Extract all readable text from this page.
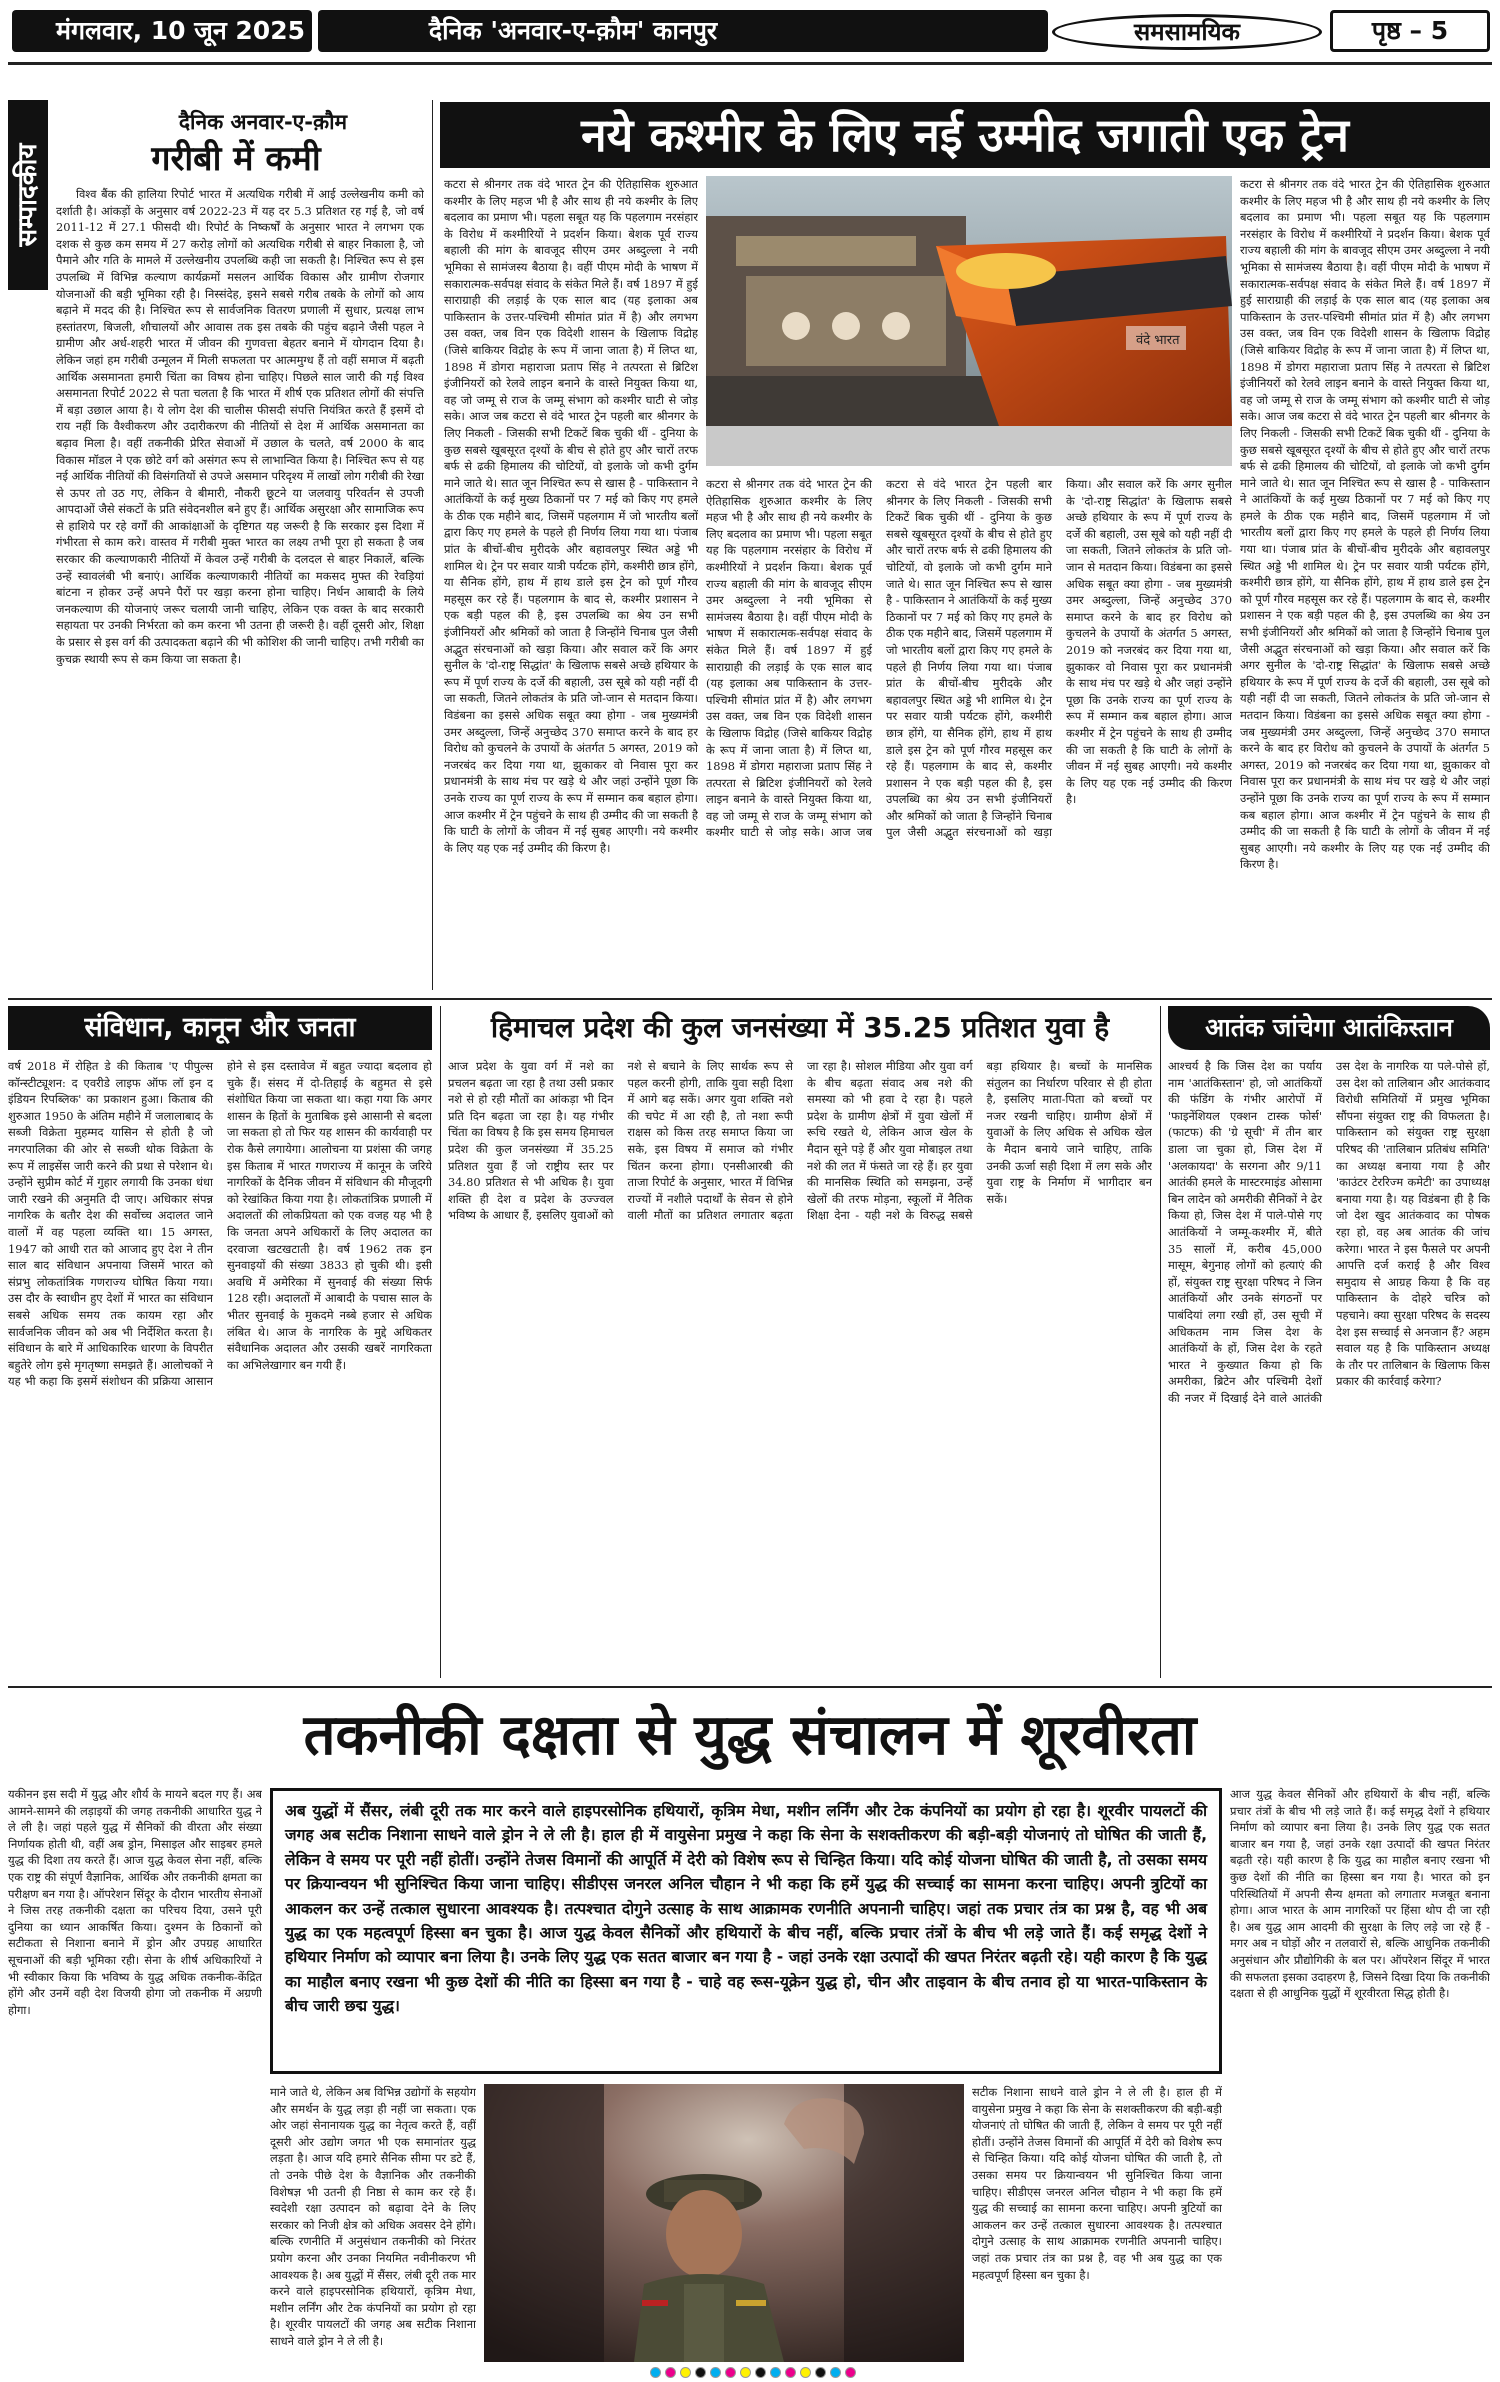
मंगलवार, 10 जून 2025	दैनिक 'अनवार-ए-क़ौम' कानपुर	समसामयिक	पृष्ठ – 5
सम्पादकीय
दैनिक अनवार-ए-क़ौम
गरीबी में कमी
विश्व बैंक की हालिया रिपोर्ट भारत में अत्यधिक गरीबी में आई उल्लेखनीय कमी को दर्शाती है। आंकड़ों के अनुसार वर्ष 2022-23 में यह दर 5.3 प्रतिशत रह गई है, जो वर्ष 2011-12 में 27.1 फीसदी थी। रिपोर्ट के निष्कर्षों के अनुसार भारत ने लगभग एक दशक से कुछ कम समय में 27 करोड़ लोगों को अत्यधिक गरीबी से बाहर निकाला है, जो पैमाने और गति के मामले में उल्लेखनीय उपलब्धि कही जा सकती है। निश्चित रूप से इस उपलब्धि में विभिन्न कल्याण कार्यक्रमों मसलन आर्थिक विकास और ग्रामीण रोजगार योजनाओं की बड़ी भूमिका रही है। निस्संदेह, इसने सबसे गरीब तबके के लोगों को आय बढ़ाने में मदद की है। निश्चित रूप से सार्वजनिक वितरण प्रणाली में सुधार, प्रत्यक्ष लाभ हस्तांतरण, बिजली, शौचालयों और आवास तक इस तबके की पहुंच बढ़ाने जैसी पहल ने ग्रामीण और अर्ध-शहरी भारत में जीवन की गुणवत्ता बेहतर बनाने में योगदान दिया है। लेकिन जहां हम गरीबी उन्मूलन में मिली सफलता पर आत्ममुग्ध हैं तो वहीं समाज में बढ़ती आर्थिक असमानता हमारी चिंता का विषय होना चाहिए। पिछले साल जारी की गई विश्व असमानता रिपोर्ट 2022 से पता चलता है कि भारत में शीर्ष एक प्रतिशत लोगों की संपत्ति में बड़ा उछाल आया है। ये लोग देश की चालीस फीसदी संपत्ति नियंत्रित करते हैं इसमें दो राय नहीं कि वैश्वीकरण और उदारीकरण की नीतियों से देश में आर्थिक असमानता का बढ़ाव मिला है। वहीं तकनीकी प्रेरित सेवाओं में उछाल के चलते, वर्ष 2000 के बाद विकास मॉडल ने एक छोटे वर्ग को असंगत रूप से लाभान्वित किया है। निश्चित रूप से यह नई आर्थिक नीतियों की विसंगतियों से उपजे असमान परिदृश्य में लाखों लोग गरीबी की रेखा से ऊपर तो उठ गए, लेकिन वे बीमारी, नौकरी छूटने या जलवायु परिवर्तन से उपजी आपदाओं जैसे संकटों के प्रति संवेदनशील बने हुए हैं। आर्थिक असुरक्षा और सामाजिक रूप से हाशिये पर रहे वर्गों की आकांक्षाओं के दृष्टिगत यह जरूरी है कि सरकार इस दिशा में गंभीरता से काम करे। वास्तव में गरीबी मुक्त भारत का लक्ष्य तभी पूरा हो सकता है जब सरकार की कल्याणकारी नीतियों में केवल उन्हें गरीबी के दलदल से बाहर निकालें, बल्कि उन्हें स्वावलंबी भी बनाएं। आर्थिक कल्याणकारी नीतियों का मकसद मुफ्त की रेवड़ियां बांटना न होकर उन्हें अपने पैरों पर खड़ा करना होना चाहिए। निर्धन आबादी के लिये जनकल्याण की योजनाएं जरूर चलायी जानी चाहिए, लेकिन एक वक्त के बाद सरकारी सहायता पर उनकी निर्भरता को कम करना भी उतना ही जरूरी है। वहीं दूसरी ओर, शिक्षा के प्रसार से इस वर्ग की उत्पादकता बढ़ाने की भी कोशिश की जानी चाहिए। तभी गरीबी का कुचक्र स्थायी रूप से कम किया जा सकता है।
नये कश्मीर के लिए नई उम्मीद जगाती एक ट्रेन
कटरा से श्रीनगर तक वंदे भारत ट्रेन की ऐतिहासिक शुरुआत कश्मीर के लिए महज भी है और साथ ही नये कश्मीर के लिए बदलाव का प्रमाण भी। पहला सबूत यह कि पहलगाम नरसंहार के विरोध में कश्मीरियों ने प्रदर्शन किया। बेशक पूर्व राज्य बहाली की मांग के बावजूद सीएम उमर अब्दुल्ला ने नयी भूमिका से सामंजस्य बैठाया है। वहीं पीएम मोदी के भाषण में सकारात्मक-सर्वपक्ष संवाद के संकेत मिले हैं। वर्ष 1897 में हुई साराग्राही की लड़ाई के एक साल बाद (यह इलाका अब पाकिस्तान के उत्तर-पश्चिमी सीमांत प्रांत में है) और लगभग उस वक्त, जब विन एक विदेशी शासन के खिलाफ विद्रोह (जिसे बाकियर विद्रोह के रूप में जाना जाता है) में लिप्त था, 1898 में डोगरा महाराजा प्रताप सिंह ने तत्परता से ब्रिटिश इंजीनियरों को रेलवे लाइन बनाने के वास्ते नियुक्त किया था, वह जो जम्मू से राज के जम्मू संभाग को कश्मीर घाटी से जोड़ सके। आज जब कटरा से वंदे भारत ट्रेन पहली बार श्रीनगर के लिए निकली - जिसकी सभी टिकटें बिक चुकी थीं - दुनिया के कुछ सबसे खूबसूरत दृश्यों के बीच से होते हुए और चारों तरफ बर्फ से ढकी हिमालय की चोटियों, वो इलाके जो कभी दुर्गम माने जाते थे। सात जून निश्चित रूप से खास है - पाकिस्तान ने आतंकियों के कई मुख्य ठिकानों पर 7 मई को किए गए हमले के ठीक एक महीने बाद, जिसमें पहलगाम में जो भारतीय बलों द्वारा किए गए हमले के पहले ही निर्णय लिया गया था। पंजाब प्रांत के बीचों-बीच मुरीदके और बहावलपुर स्थित अड्डे भी शामिल थे। ट्रेन पर सवार यात्री पर्यटक होंगे, कश्मीरी छात्र होंगे, या सैनिक होंगे, हाथ में हाथ डाले इस ट्रेन को पूर्ण गौरव महसूस कर रहे हैं। पहलगाम के बाद से, कश्मीर प्रशासन ने एक बड़ी पहल की है, इस उपलब्धि का श्रेय उन सभी इंजीनियरों और श्रमिकों को जाता है जिन्होंने चिनाब पुल जैसी अद्भुत संरचनाओं को खड़ा किया। और सवाल करें कि अगर सुनील के 'दो-राष्ट्र सिद्धांत' के खिलाफ सबसे अच्छे हथियार के रूप में पूर्ण राज्य के दर्जे की बहाली, उस सूबे को यही नहीं दी जा सकती, जितने लोकतंत्र के प्रति जो-जान से मतदान किया। विडंबना का इससे अधिक सबूत क्या होगा - जब मुख्यमंत्री उमर अब्दुल्ला, जिन्हें अनुच्छेद 370 समाप्त करने के बाद हर विरोध को कुचलने के उपायों के अंतर्गत 5 अगस्त, 2019 को नजरबंद कर दिया गया था, झुकाकर वो निवास पूरा कर प्रधानमंत्री के साथ मंच पर खड़े थे और जहां उन्होंने पूछा कि उनके राज्य का पूर्ण राज्य के रूप में सम्मान कब बहाल होगा। आज कश्मीर में ट्रेन पहुंचने के साथ ही उम्मीद की जा सकती है कि घाटी के लोगों के जीवन में नई सुबह आएगी। नये कश्मीर के लिए यह एक नई उम्मीद की किरण है।
वंदे भारत
कटरा से श्रीनगर तक वंदे भारत ट्रेन की ऐतिहासिक शुरुआत कश्मीर के लिए महज भी है और साथ ही नये कश्मीर के लिए बदलाव का प्रमाण भी। पहला सबूत यह कि पहलगाम नरसंहार के विरोध में कश्मीरियों ने प्रदर्शन किया। बेशक पूर्व राज्य बहाली की मांग के बावजूद सीएम उमर अब्दुल्ला ने नयी भूमिका से सामंजस्य बैठाया है। वहीं पीएम मोदी के भाषण में सकारात्मक-सर्वपक्ष संवाद के संकेत मिले हैं। वर्ष 1897 में हुई साराग्राही की लड़ाई के एक साल बाद (यह इलाका अब पाकिस्तान के उत्तर-पश्चिमी सीमांत प्रांत में है) और लगभग उस वक्त, जब विन एक विदेशी शासन के खिलाफ विद्रोह (जिसे बाकियर विद्रोह के रूप में जाना जाता है) में लिप्त था, 1898 में डोगरा महाराजा प्रताप सिंह ने तत्परता से ब्रिटिश इंजीनियरों को रेलवे लाइन बनाने के वास्ते नियुक्त किया था, वह जो जम्मू से राज के जम्मू संभाग को कश्मीर घाटी से जोड़ सके। आज जब कटरा से वंदे भारत ट्रेन पहली बार श्रीनगर के लिए निकली - जिसकी सभी टिकटें बिक चुकी थीं - दुनिया के कुछ सबसे खूबसूरत दृश्यों के बीच से होते हुए और चारों तरफ बर्फ से ढकी हिमालय की चोटियों, वो इलाके जो कभी दुर्गम माने जाते थे। सात जून निश्चित रूप से खास है - पाकिस्तान ने आतंकियों के कई मुख्य ठिकानों पर 7 मई को किए गए हमले के ठीक एक महीने बाद, जिसमें पहलगाम में जो भारतीय बलों द्वारा किए गए हमले के पहले ही निर्णय लिया गया था। पंजाब प्रांत के बीचों-बीच मुरीदके और बहावलपुर स्थित अड्डे भी शामिल थे। ट्रेन पर सवार यात्री पर्यटक होंगे, कश्मीरी छात्र होंगे, या सैनिक होंगे, हाथ में हाथ डाले इस ट्रेन को पूर्ण गौरव महसूस कर रहे हैं। पहलगाम के बाद से, कश्मीर प्रशासन ने एक बड़ी पहल की है, इस उपलब्धि का श्रेय उन सभी इंजीनियरों और श्रमिकों को जाता है जिन्होंने चिनाब पुल जैसी अद्भुत संरचनाओं को खड़ा किया। और सवाल करें कि अगर सुनील के 'दो-राष्ट्र सिद्धांत' के खिलाफ सबसे अच्छे हथियार के रूप में पूर्ण राज्य के दर्जे की बहाली, उस सूबे को यही नहीं दी जा सकती, जितने लोकतंत्र के प्रति जो-जान से मतदान किया। विडंबना का इससे अधिक सबूत क्या होगा - जब मुख्यमंत्री उमर अब्दुल्ला, जिन्हें अनुच्छेद 370 समाप्त करने के बाद हर विरोध को कुचलने के उपायों के अंतर्गत 5 अगस्त, 2019 को नजरबंद कर दिया गया था, झुकाकर वो निवास पूरा कर प्रधानमंत्री के साथ मंच पर खड़े थे और जहां उन्होंने पूछा कि उनके राज्य का पूर्ण राज्य के रूप में सम्मान कब बहाल होगा। आज कश्मीर में ट्रेन पहुंचने के साथ ही उम्मीद की जा सकती है कि घाटी के लोगों के जीवन में नई सुबह आएगी। नये कश्मीर के लिए यह एक नई उम्मीद की किरण है।
कटरा से श्रीनगर तक वंदे भारत ट्रेन की ऐतिहासिक शुरुआत कश्मीर के लिए महज भी है और साथ ही नये कश्मीर के लिए बदलाव का प्रमाण भी। पहला सबूत यह कि पहलगाम नरसंहार के विरोध में कश्मीरियों ने प्रदर्शन किया। बेशक पूर्व राज्य बहाली की मांग के बावजूद सीएम उमर अब्दुल्ला ने नयी भूमिका से सामंजस्य बैठाया है। वहीं पीएम मोदी के भाषण में सकारात्मक-सर्वपक्ष संवाद के संकेत मिले हैं। वर्ष 1897 में हुई साराग्राही की लड़ाई के एक साल बाद (यह इलाका अब पाकिस्तान के उत्तर-पश्चिमी सीमांत प्रांत में है) और लगभग उस वक्त, जब विन एक विदेशी शासन के खिलाफ विद्रोह (जिसे बाकियर विद्रोह के रूप में जाना जाता है) में लिप्त था, 1898 में डोगरा महाराजा प्रताप सिंह ने तत्परता से ब्रिटिश इंजीनियरों को रेलवे लाइन बनाने के वास्ते नियुक्त किया था, वह जो जम्मू से राज के जम्मू संभाग को कश्मीर घाटी से जोड़ सके। आज जब कटरा से वंदे भारत ट्रेन पहली बार श्रीनगर के लिए निकली - जिसकी सभी टिकटें बिक चुकी थीं - दुनिया के कुछ सबसे खूबसूरत दृश्यों के बीच से होते हुए और चारों तरफ बर्फ से ढकी हिमालय की चोटियों, वो इलाके जो कभी दुर्गम माने जाते थे। सात जून निश्चित रूप से खास है - पाकिस्तान ने आतंकियों के कई मुख्य ठिकानों पर 7 मई को किए गए हमले के ठीक एक महीने बाद, जिसमें पहलगाम में जो भारतीय बलों द्वारा किए गए हमले के पहले ही निर्णय लिया गया था। पंजाब प्रांत के बीचों-बीच मुरीदके और बहावलपुर स्थित अड्डे भी शामिल थे। ट्रेन पर सवार यात्री पर्यटक होंगे, कश्मीरी छात्र होंगे, या सैनिक होंगे, हाथ में हाथ डाले इस ट्रेन को पूर्ण गौरव महसूस कर रहे हैं। पहलगाम के बाद से, कश्मीर प्रशासन ने एक बड़ी पहल की है, इस उपलब्धि का श्रेय उन सभी इंजीनियरों और श्रमिकों को जाता है जिन्होंने चिनाब पुल जैसी अद्भुत संरचनाओं को खड़ा किया। और सवाल करें कि अगर सुनील के 'दो-राष्ट्र सिद्धांत' के खिलाफ सबसे अच्छे हथियार के रूप में पूर्ण राज्य के दर्जे की बहाली, उस सूबे को यही नहीं दी जा सकती, जितने लोकतंत्र के प्रति जो-जान से मतदान किया। विडंबना का इससे अधिक सबूत क्या होगा - जब मुख्यमंत्री उमर अब्दुल्ला, जिन्हें अनुच्छेद 370 समाप्त करने के बाद हर विरोध को कुचलने के उपायों के अंतर्गत 5 अगस्त, 2019 को नजरबंद कर दिया गया था, झुकाकर वो निवास पूरा कर प्रधानमंत्री के साथ मंच पर खड़े थे और जहां उन्होंने पूछा कि उनके राज्य का पूर्ण राज्य के रूप में सम्मान कब बहाल होगा। आज कश्मीर में ट्रेन पहुंचने के साथ ही उम्मीद की जा सकती है कि घाटी के लोगों के जीवन में नई सुबह आएगी। नये कश्मीर के लिए यह एक नई उम्मीद की किरण है।
संविधान, कानून और जनता
वर्ष 2018 में रोहित डे की किताब 'ए पीपुल्स कॉन्स्टीट्यूशन: द एवरीडे लाइफ ऑफ लॉ इन द इंडियन रिपब्लिक' का प्रकाशन हुआ। किताब की शुरुआत 1950 के अंतिम महीने में जलालाबाद के सब्जी विक्रेता मुहम्मद यासिन से होती है जो नगरपालिका की ओर से सब्जी थोक विक्रेता के रूप में लाइसेंस जारी करने की प्रथा से परेशान थे। उन्होंने सुप्रीम कोर्ट में गुहार लगायी कि उनका धंधा जारी रखने की अनुमति दी जाए। अधिकार संपन्न नागरिक के बतौर देश की सर्वोच्च अदालत जाने वालों में वह पहला व्यक्ति था। 15 अगस्त, 1947 को आधी रात को आजाद हुए देश ने तीन साल बाद संविधान अपनाया जिसमें भारत को संप्रभु लोकतांत्रिक गणराज्य घोषित किया गया। उस दौर के स्वाधीन हुए देशों में भारत का संविधान सबसे अधिक समय तक कायम रहा और सार्वजनिक जीवन को अब भी निर्देशित करता है। संविधान के बारे में आधिकारिक धारणा के विपरीत बहुतेरे लोग इसे मृगतृष्णा समझते हैं। आलोचकों ने यह भी कहा कि इसमें संशोधन की प्रक्रिया आसान होने से इस दस्तावेज में बहुत ज्यादा बदलाव हो चुके हैं। संसद में दो-तिहाई के बहुमत से इसे संशोधित किया जा सकता था। कहा गया कि अगर शासन के हितों के मुताबिक इसे आसानी से बदला जा सकता हो तो फिर यह शासन की कार्यवाही पर रोक कैसे लगायेगा। आलोचना या प्रशंसा की जगह इस किताब में भारत गणराज्य में कानून के जरिये नागरिकों के दैनिक जीवन में संविधान की मौजूदगी को रेखांकित किया गया है। लोकतांत्रिक प्रणाली में अदालतों की लोकप्रियता को एक वजह यह भी है कि जनता अपने अधिकारों के लिए अदालत का दरवाजा खटखटाती है। वर्ष 1962 तक इन सुनवाइयों की संख्या 3833 हो चुकी थी। इसी अवधि में अमेरिका में सुनवाई की संख्या सिर्फ 128 रही। अदालतों में आबादी के पचास साल के भीतर सुनवाई के मुकदमे नब्बे हजार से अधिक लंबित थे। आज के नागरिक के मुद्दे अधिकतर संवैधानिक अदालत और उसकी खबरें नागरिकता का अभिलेखागार बन गयी हैं।
हिमाचल प्रदेश की कुल जनसंख्या में 35.25 प्रतिशत युवा है
आज प्रदेश के युवा वर्ग में नशे का प्रचलन बढ़ता जा रहा है तथा उसी प्रकार नशे से हो रही मौतों का आंकड़ा भी दिन प्रति दिन बढ़ता जा रहा है। यह गंभीर चिंता का विषय है कि इस समय हिमाचल प्रदेश की कुल जनसंख्या में 35.25 प्रतिशत युवा हैं जो राष्ट्रीय स्तर पर 34.80 प्रतिशत से भी अधिक है। युवा शक्ति ही देश व प्रदेश के उज्ज्वल भविष्य के आधार हैं, इसलिए युवाओं को नशे से बचाने के लिए सार्थक रूप से पहल करनी होगी, ताकि युवा सही दिशा में आगे बढ़ सकें। अगर युवा शक्ति नशे की चपेट में आ रही है, तो नशा रूपी राक्षस को किस तरह समाप्त किया जा सके, इस विषय में समाज को गंभीर चिंतन करना होगा। एनसीआरबी की ताजा रिपोर्ट के अनुसार, भारत में विभिन्न राज्यों में नशीले पदार्थों के सेवन से होने वाली मौतों का प्रतिशत लगातार बढ़ता जा रहा है। सोशल मीडिया और युवा वर्ग के बीच बढ़ता संवाद अब नशे की समस्या को भी हवा दे रहा है। पहले प्रदेश के ग्रामीण क्षेत्रों में युवा खेलों में रूचि रखते थे, लेकिन आज खेल के मैदान सूने पड़े हैं और युवा मोबाइल तथा नशे की लत में फंसते जा रहे हैं। हर युवा की मानसिक स्थिति को समझना, उन्हें खेलों की तरफ मोड़ना, स्कूलों में नैतिक शिक्षा देना - यही नशे के विरुद्ध सबसे बड़ा हथियार है। बच्चों के मानसिक संतुलन का निर्धारण परिवार से ही होता है, इसलिए माता-पिता को बच्चों पर नजर रखनी चाहिए। ग्रामीण क्षेत्रों में युवाओं के लिए अधिक से अधिक खेल के मैदान बनाये जाने चाहिए, ताकि उनकी ऊर्जा सही दिशा में लग सके और युवा राष्ट्र के निर्माण में भागीदार बन सकें।
आतंक जांचेगा आतंकिस्तान
आश्चर्य है कि जिस देश का पर्याय नाम 'आतंकिस्तान' हो, जो आतंकियों की फंडिंग के गंभीर आरोपों में 'फाइनेंशियल एक्शन टास्क फोर्स' (फाटफ) की 'ग्रे सूची' में तीन बार डाला जा चुका हो, जिस देश में 'अलकायदा' के सरगना और 9/11 आतंकी हमले के मास्टरमाइंड ओसामा बिन लादेन को अमरीकी सैनिकों ने ढेर किया हो, जिस देश में पाले-पोसे गए आतंकियों ने जम्मू-कश्मीर में, बीते 35 सालों में, करीब 45,000 मासूम, बेगुनाह लोगों को हत्याएं की हों, संयुक्त राष्ट्र सुरक्षा परिषद ने जिन आतंकियों और उनके संगठनों पर पाबंदियां लगा रखी हों, उस सूची में अधिकतम नाम जिस देश के आतंकियों के हों, जिस देश के रहते भारत ने कुख्यात किया हो कि अमरीका, ब्रिटेन और पश्चिमी देशों की नजर में दिखाई देने वाले आतंकी उस देश के नागरिक या पले-पोसे हों, उस देश को तालिबान और आतंकवाद विरोधी समितियों में प्रमुख भूमिका सौंपना संयुक्त राष्ट्र की विफलता है। पाकिस्तान को संयुक्त राष्ट्र सुरक्षा परिषद की 'तालिबान प्रतिबंध समिति' का अध्यक्ष बनाया गया है और 'काउंटर टेररिज्म कमेटी' का उपाध्यक्ष बनाया गया है। यह विडंबना ही है कि जो देश खुद आतंकवाद का पोषक रहा हो, वह अब आतंक की जांच करेगा। भारत ने इस फैसले पर अपनी आपत्ति दर्ज कराई है और विश्व समुदाय से आग्रह किया है कि वह पाकिस्तान के दोहरे चरित्र को पहचाने। क्या सुरक्षा परिषद के सदस्य देश इस सच्चाई से अनजान हैं? अहम सवाल यह है कि पाकिस्तान अध्यक्ष के तौर पर तालिबान के खिलाफ किस प्रकार की कार्रवाई करेगा?
तकनीकी दक्षता से युद्ध संचालन में शूरवीरता
यकीनन इस सदी में युद्ध और शौर्य के मायने बदल गए हैं। अब आमने-सामने की लड़ाइयों की जगह तकनीकी आधारित युद्ध ने ले ली है। जहां पहले युद्ध में सैनिकों की वीरता और संख्या निर्णायक होती थी, वहीं अब ड्रोन, मिसाइल और साइबर हमले युद्ध की दिशा तय करते हैं। आज युद्ध केवल सेना नहीं, बल्कि एक राष्ट्र की संपूर्ण वैज्ञानिक, आर्थिक और तकनीकी क्षमता का परीक्षण बन गया है। ऑपरेशन सिंदूर के दौरान भारतीय सेनाओं ने जिस तरह तकनीकी दक्षता का परिचय दिया, उसने पूरी दुनिया का ध्यान आकर्षित किया। दुश्मन के ठिकानों को सटीकता से निशाना बनाने में ड्रोन और उपग्रह आधारित सूचनाओं की बड़ी भूमिका रही। सेना के शीर्ष अधिकारियों ने भी स्वीकार किया कि भविष्य के युद्ध अधिक तकनीक-केंद्रित होंगे और उनमें वही देश विजयी होगा जो तकनीक में अग्रणी होगा।
अब युद्धों में सैंसर, लंबी दूरी तक मार करने वाले हाइपरसोनिक हथियारों, कृत्रिम मेधा, मशीन लर्निंग और टेक कंपनियों का प्रयोग हो रहा है। शूरवीर पायलटों की जगह अब सटीक निशाना साधने वाले ड्रोन ने ले ली है। हाल ही में वायुसेना प्रमुख ने कहा कि सेना के सशक्तीकरण की बड़ी-बड़ी योजनाएं तो घोषित की जाती हैं, लेकिन वे समय पर पूरी नहीं होतीं। उन्होंने तेजस विमानों की आपूर्ति में देरी को विशेष रूप से चिन्हित किया। यदि कोई योजना घोषित की जाती है, तो उसका समय पर क्रियान्वयन भी सुनिश्चित किया जाना चाहिए। सीडीएस जनरल अनिल चौहान ने भी कहा कि हमें युद्ध की सच्चाई का सामना करना चाहिए। अपनी त्रुटियों का आकलन कर उन्हें तत्काल सुधारना आवश्यक है। तत्पश्चात दोगुने उत्साह के साथ आक्रामक रणनीति अपनानी चाहिए। जहां तक प्रचार तंत्र का प्रश्न है, वह भी अब युद्ध का एक महत्वपूर्ण हिस्सा बन चुका है। आज युद्ध केवल सैनिकों और हथियारों के बीच नहीं, बल्कि प्रचार तंत्रों के बीच भी लड़े जाते हैं। कई समृद्ध देशों ने हथियार निर्माण को व्यापार बना लिया है। उनके लिए युद्ध एक सतत बाजार बन गया है - जहां उनके रक्षा उत्पादों की खपत निरंतर बढ़ती रहे। यही कारण है कि युद्ध का माहौल बनाए रखना भी कुछ देशों की नीति का हिस्सा बन गया है - चाहे वह रूस-यूक्रेन युद्ध हो, चीन और ताइवान के बीच तनाव हो या भारत-पाकिस्तान के बीच जारी छद्म युद्ध।
माने जाते थे, लेकिन अब विभिन्न उद्योगों के सहयोग और समर्थन के युद्ध लड़ा ही नहीं जा सकता। एक ओर जहां सेनानायक युद्ध का नेतृत्व करते हैं, वहीं दूसरी ओर उद्योग जगत भी एक समानांतर युद्ध लड़ता है। आज यदि हमारे सैनिक सीमा पर डटे हैं, तो उनके पीछे देश के वैज्ञानिक और तकनीकी विशेषज्ञ भी उतनी ही निष्ठा से काम कर रहे हैं। स्वदेशी रक्षा उत्पादन को बढ़ावा देने के लिए सरकार को निजी क्षेत्र को अधिक अवसर देने होंगे। बल्कि रणनीति में अनुसंधान तकनीकी को निरंतर प्रयोग करना और उनका नियमित नवीनीकरण भी आवश्यक है। अब युद्धों में सैंसर, लंबी दूरी तक मार करने वाले हाइपरसोनिक हथियारों, कृत्रिम मेधा, मशीन लर्निंग और टेक कंपनियों का प्रयोग हो रहा है। शूरवीर पायलटों की जगह अब सटीक निशाना साधने वाले ड्रोन ने ले ली है।
सटीक निशाना साधने वाले ड्रोन ने ले ली है। हाल ही में वायुसेना प्रमुख ने कहा कि सेना के सशक्तीकरण की बड़ी-बड़ी योजनाएं तो घोषित की जाती हैं, लेकिन वे समय पर पूरी नहीं होतीं। उन्होंने तेजस विमानों की आपूर्ति में देरी को विशेष रूप से चिन्हित किया। यदि कोई योजना घोषित की जाती है, तो उसका समय पर क्रियान्वयन भी सुनिश्चित किया जाना चाहिए। सीडीएस जनरल अनिल चौहान ने भी कहा कि हमें युद्ध की सच्चाई का सामना करना चाहिए। अपनी त्रुटियों का आकलन कर उन्हें तत्काल सुधारना आवश्यक है। तत्पश्चात दोगुने उत्साह के साथ आक्रामक रणनीति अपनानी चाहिए। जहां तक प्रचार तंत्र का प्रश्न है, वह भी अब युद्ध का एक महत्वपूर्ण हिस्सा बन चुका है।
आज युद्ध केवल सैनिकों और हथियारों के बीच नहीं, बल्कि प्रचार तंत्रों के बीच भी लड़े जाते हैं। कई समृद्ध देशों ने हथियार निर्माण को व्यापार बना लिया है। उनके लिए युद्ध एक सतत बाजार बन गया है, जहां उनके रक्षा उत्पादों की खपत निरंतर बढ़ती रहे। यही कारण है कि युद्ध का माहौल बनाए रखना भी कुछ देशों की नीति का हिस्सा बन गया है। भारत को इन परिस्थितियों में अपनी सैन्य क्षमता को लगातार मजबूत बनाना होगा। आज भारत के आम नागरिकों पर हिंसा थोप दी जा रही है। अब युद्ध आम आदमी की सुरक्षा के लिए लड़े जा रहे हैं - मगर अब न घोड़ों और न तलवारों से, बल्कि आधुनिक तकनीकी अनुसंधान और प्रौद्योगिकी के बल पर। ऑपरेशन सिंदूर में भारत की सफलता इसका उदाहरण है, जिसने दिखा दिया कि तकनीकी दक्षता से ही आधुनिक युद्धों में शूरवीरता सिद्ध होती है।
